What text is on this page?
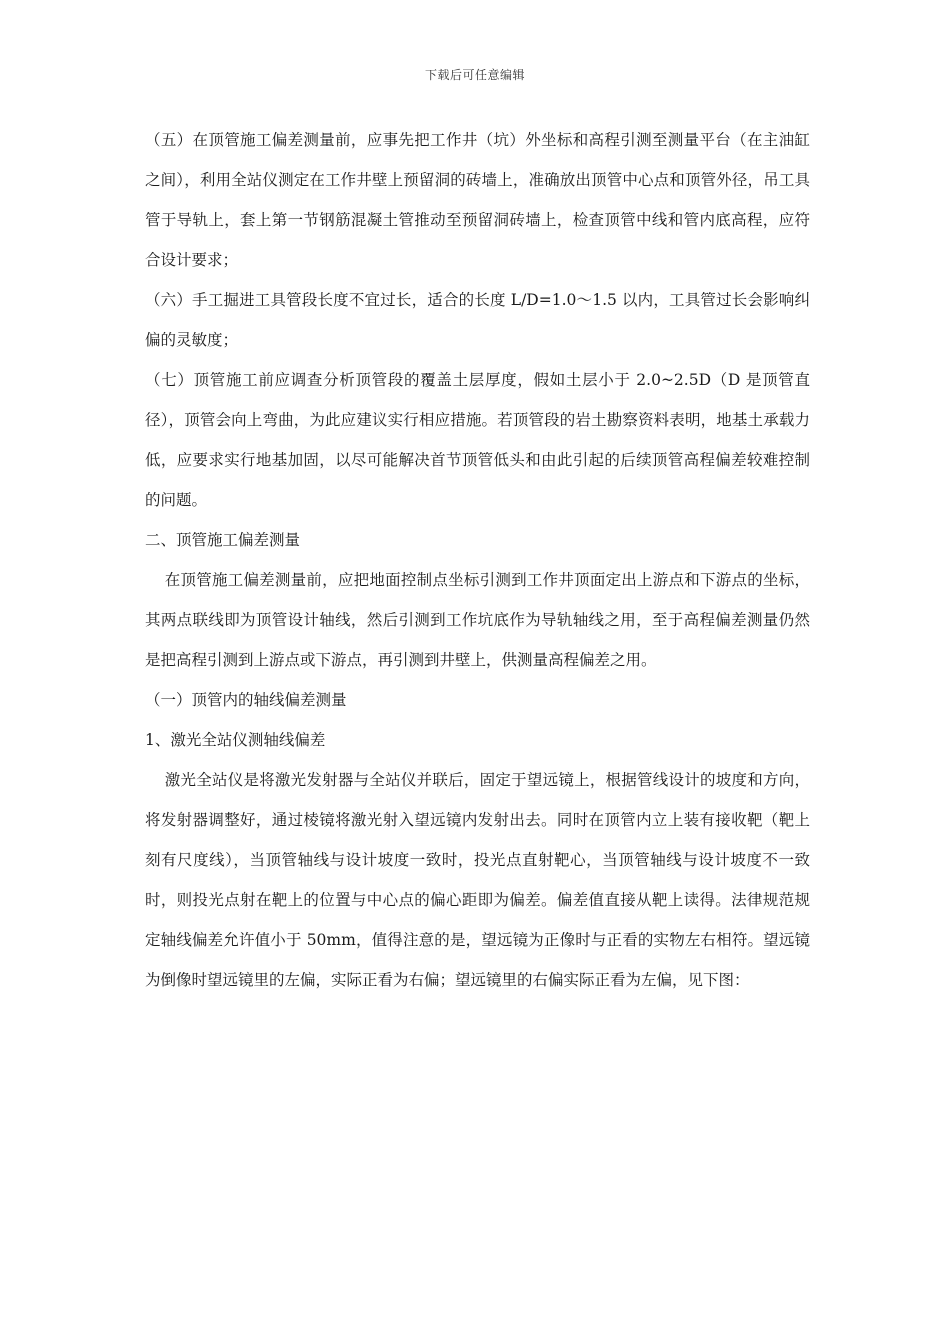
下载后可任意编辑

（五）在顶管施工偏差测量前，应事先把工作井（坑）外坐标和高程引测至测量平台（在主油缸之间），利用全站仪测定在工作井壁上预留洞的砖墙上，准确放出顶管中心点和顶管外径，吊工具管于导轨上，套上第一节钢筋混凝土管推动至预留洞砖墙上，检查顶管中线和管内底高程，应符合设计要求；

（六）手工掘进工具管段长度不宜过长，适合的长度 L/D=1.0～1.5 以内，工具管过长会影响纠偏的灵敏度；

（七）顶管施工前应调查分析顶管段的覆盖土层厚度，假如土层小于 2.0~2.5D（D 是顶管直径），顶管会向上弯曲，为此应建议实行相应措施。若顶管段的岩土勘察资料表明，地基土承载力低，应要求实行地基加固，以尽可能解决首节顶管低头和由此引起的后续顶管高程偏差较难控制的问题。

二、顶管施工偏差测量

在顶管施工偏差测量前，应把地面控制点坐标引测到工作井顶面定出上游点和下游点的坐标，其两点联线即为顶管设计轴线，然后引测到工作坑底作为导轨轴线之用，至于高程偏差测量仍然是把高程引测到上游点或下游点，再引测到井壁上，供测量高程偏差之用。

（一）顶管内的轴线偏差测量

1、激光全站仪测轴线偏差

激光全站仪是将激光发射器与全站仪并联后，固定于望远镜上，根据管线设计的坡度和方向，将发射器调整好，通过棱镜将激光射入望远镜内发射出去。同时在顶管内立上装有接收靶（靶上刻有尺度线），当顶管轴线与设计坡度一致时，投光点直射靶心，当顶管轴线与设计坡度不一致时，则投光点射在靶上的位置与中心点的偏心距即为偏差。偏差值直接从靶上读得。法律规范规定轴线偏差允许值小于 50mm，值得注意的是，望远镜为正像时与正看的实物左右相符。望远镜为倒像时望远镜里的左偏，实际正看为右偏；望远镜里的右偏实际正看为左偏，见下图：
